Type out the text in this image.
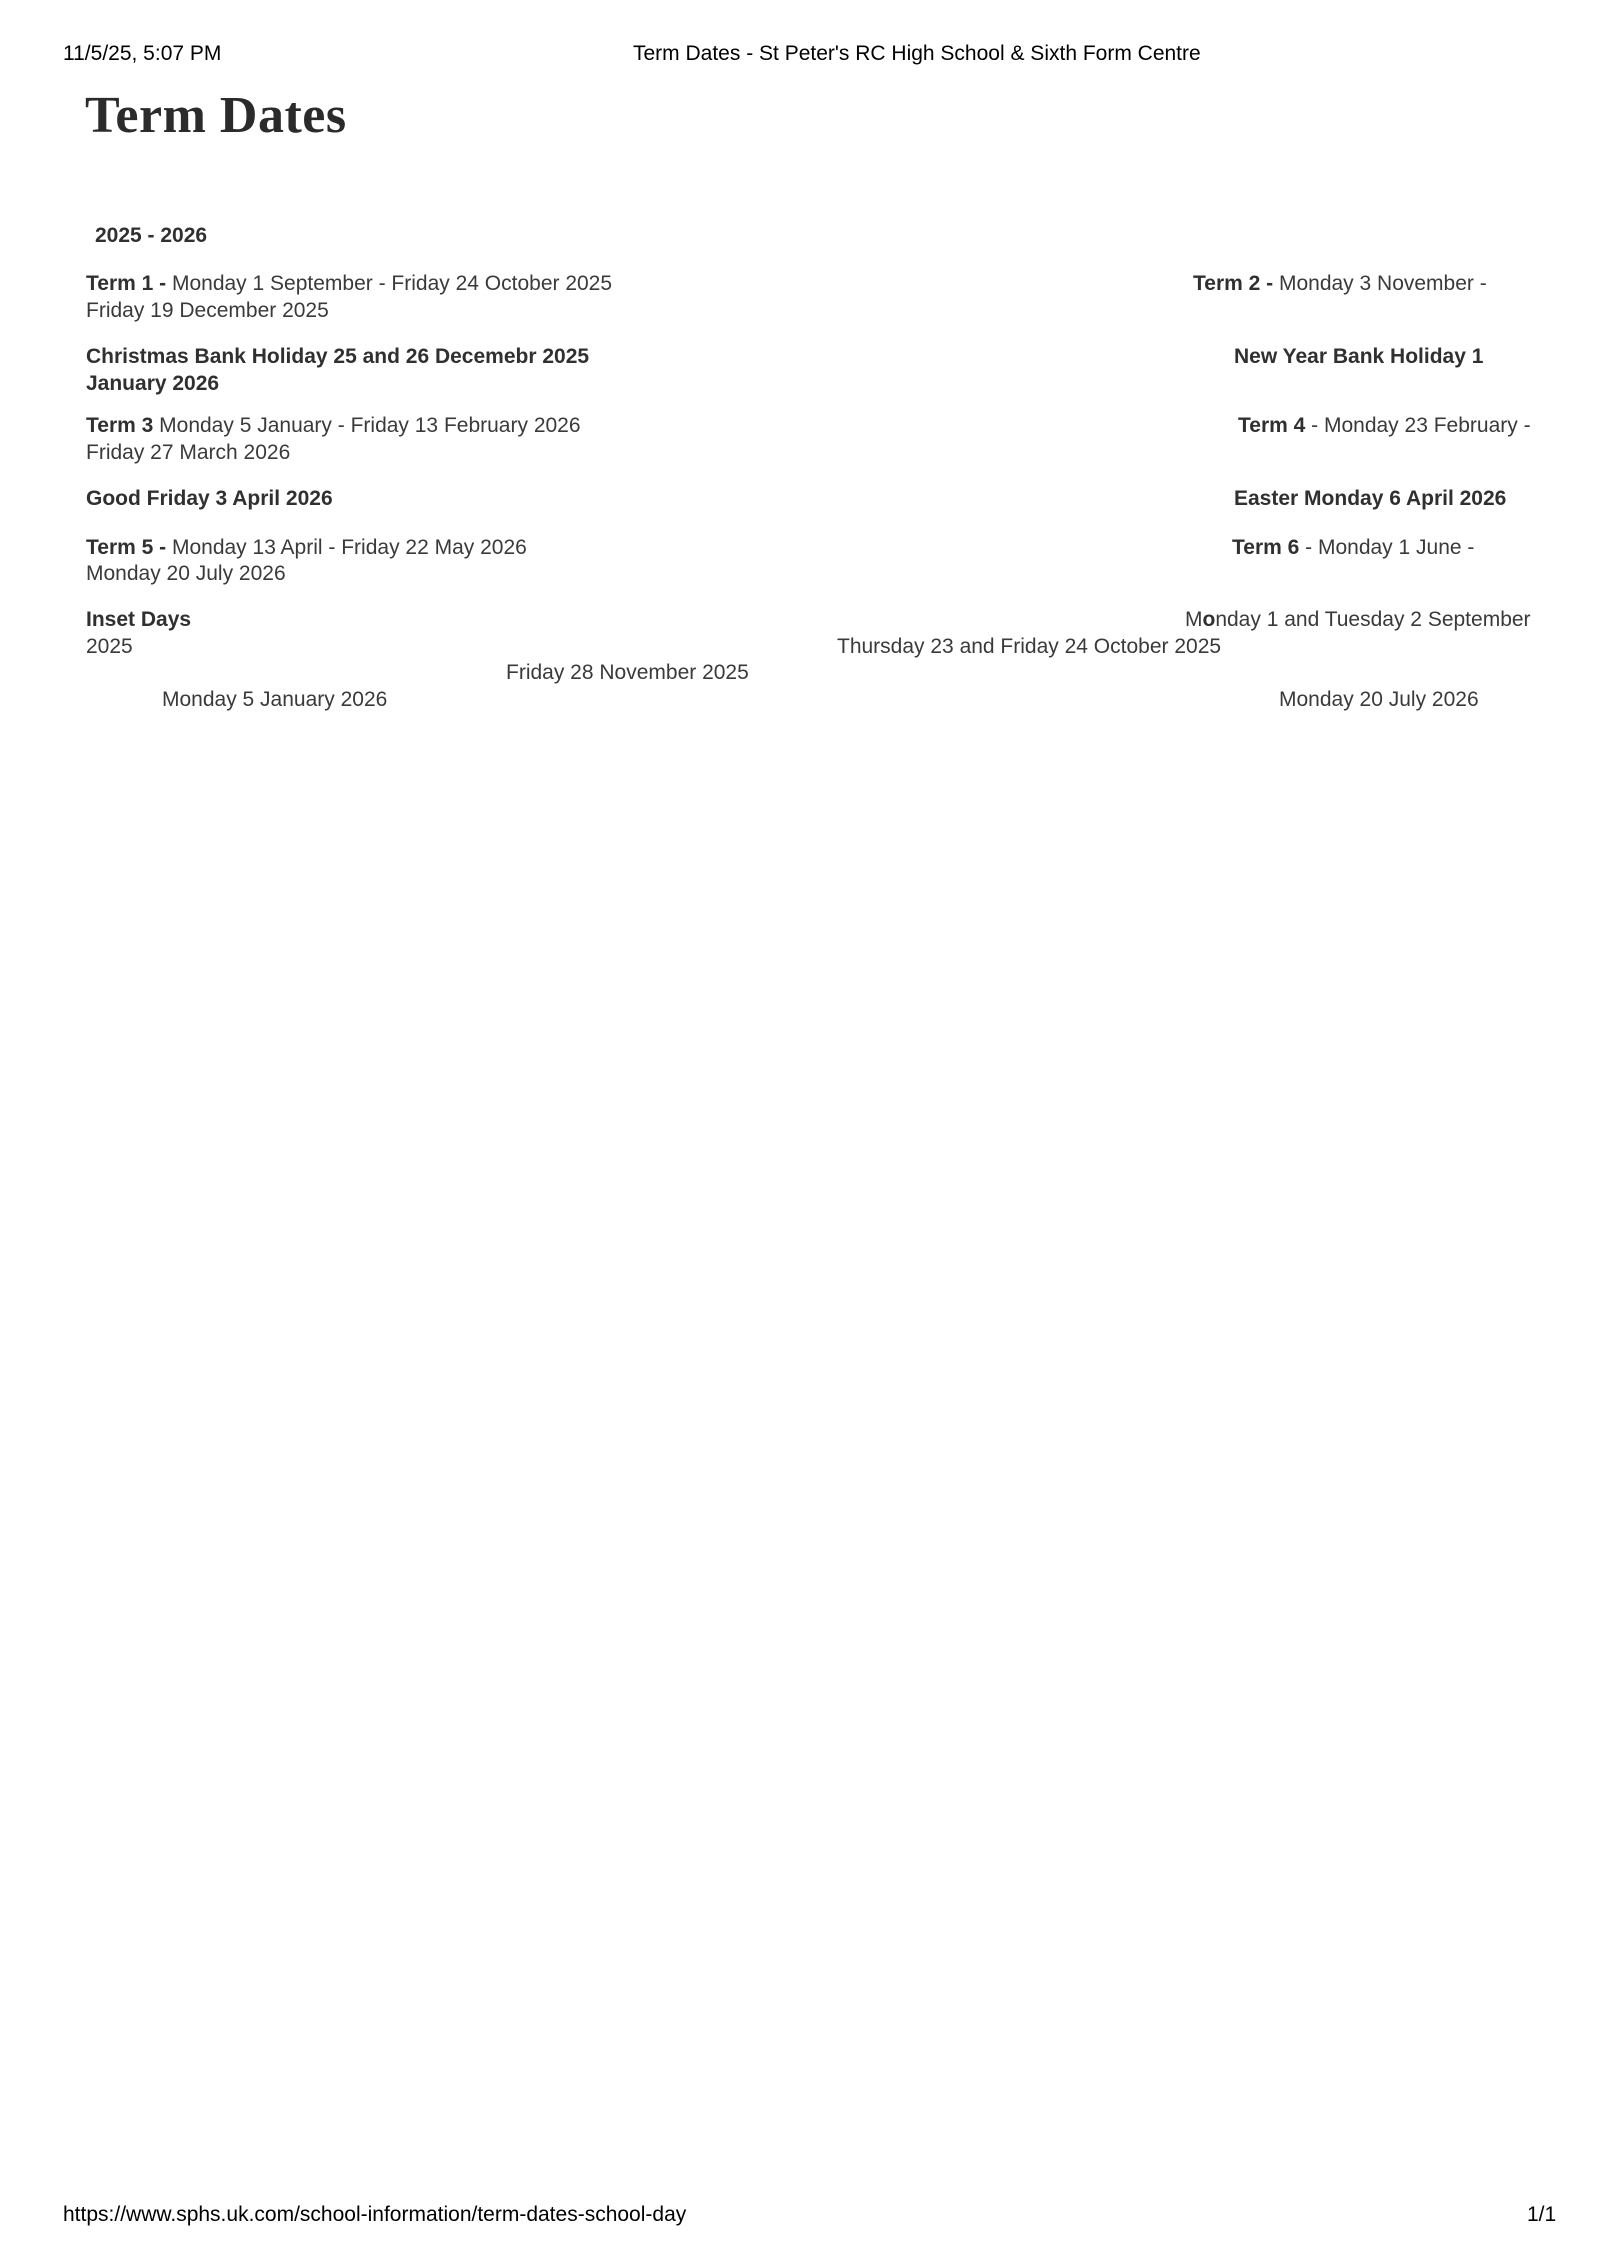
11/5/25, 5:07 PM	Term Dates - St Peter's RC High School & Sixth Form Centre
Term Dates
2025 - 2026
Term 1 - Monday 1 September - Friday 24 October 2025	Term 2 - Monday 3 November -
Friday 19 December 2025
Christmas Bank Holiday 25 and 26 Decemebr 2025	New Year Bank Holiday 1
January 2026
Term 3 Monday 5 January - Friday 13 February 2026	Term 4 - Monday 23 February -
Friday 27 March 2026
Good Friday 3 April 2026	Easter Monday 6 April 2026
Term 5 - Monday 13 April - Friday 22 May 2026	Term 6 - Monday 1 June -
Monday 20 July 2026
Inset Days	Monday 1 and Tuesday 2 September
2025	Thursday 23 and Friday 24 October 2025
Friday 28 November 2025
Monday 5 January 2026	Monday 20 July 2026
https://www.sphs.uk.com/school-information/term-dates-school-day	1/1
